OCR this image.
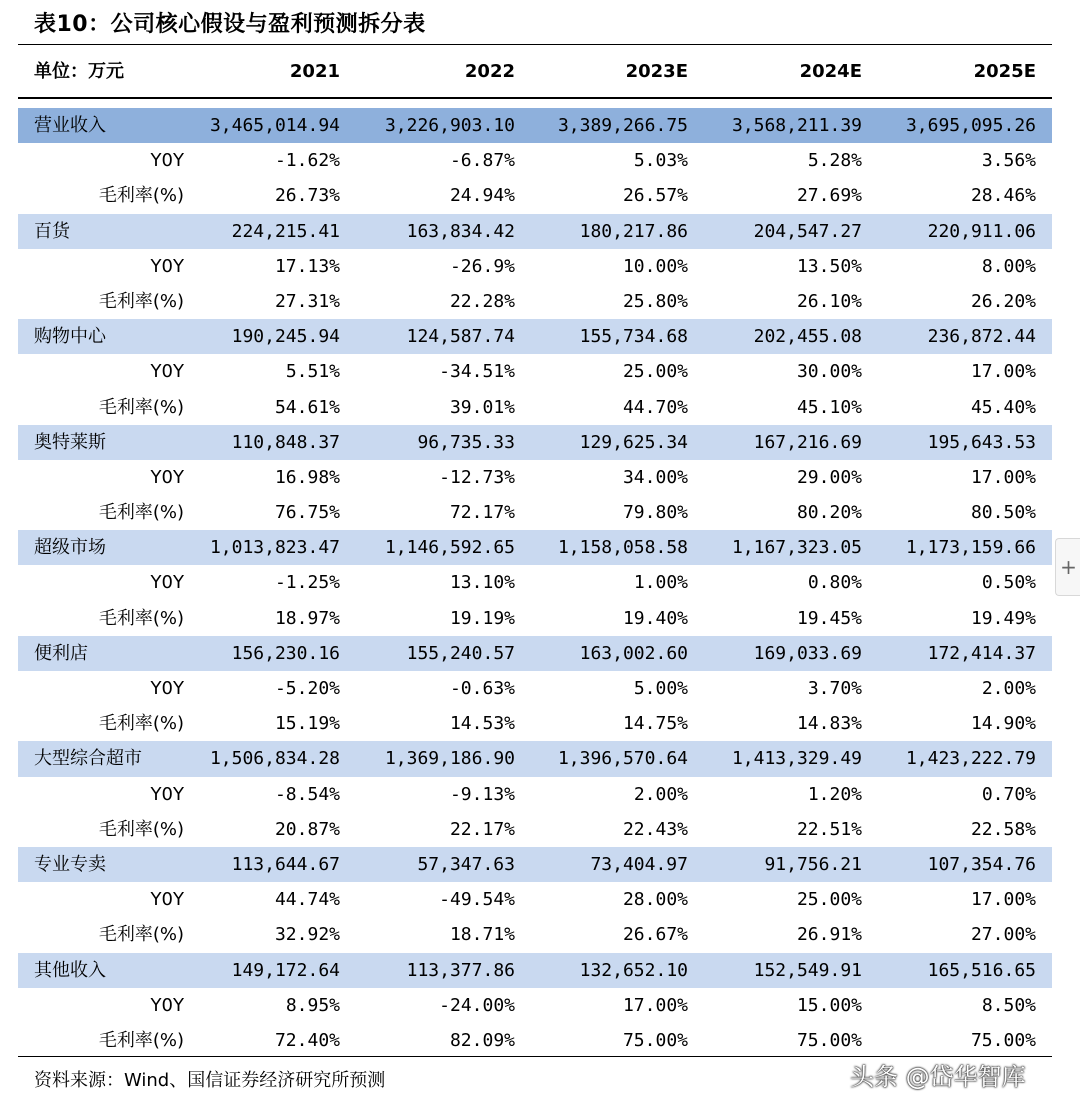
表10：公司核心假设与盈利预测拆分表
单位：万元	2021	2022	2023E	2024E	2025E
营业收入	3,465,014.94	3,226,903.10	3,389,266.75	3,568,211.39	3,695,095.26
Y0Y	-1.62%	-6.87%	5.03%	5.28%	3.56%
毛利率(%)	26.73%	24.94%	26.57%	27.69%	28.46%
百货	224,215.41	163,834.42	180,217.86	204,547.27	220,911.06
Y0Y	17.13%	-26.9%	10.00%	13.50%	8.00%
毛利率(%)	27.31%	22.28%	25.80%	26.10%	26.20%
购物中心	190,245.94	124,587.74	155,734.68	202,455.08	236,872.44
Y0Y	5.51%	-34.51%	25.00%	30.00%	17.00%
毛利率(%)	54.61%	39.01%	44.70%	45.10%	45.40%
奥特莱斯	110,848.37	96,735.33	129,625.34	167,216.69	195,643.53
Y0Y	16.98%	-12.73%	34.00%	29.00%	17.00%
毛利率(%)	76.75%	72.17%	79.80%	80.20%	80.50%
超级市场	1,013,823.47	1,146,592.65	1,158,058.58	1,167,323.05	1,173,159.66
Y0Y	-1.25%	13.10%	1.00%	0.80%	0.50%
毛利率(%)	18.97%	19.19%	19.40%	19.45%	19.49%
便利店	156,230.16	155,240.57	163,002.60	169,033.69	172,414.37
Y0Y	-5.20%	-0.63%	5.00%	3.70%	2.00%
毛利率(%)	15.19%	14.53%	14.75%	14.83%	14.90%
大型综合超市	1,506,834.28	1,369,186.90	1,396,570.64	1,413,329.49	1,423,222.79
Y0Y	-8.54%	-9.13%	2.00%	1.20%	0.70%
毛利率(%)	20.87%	22.17%	22.43%	22.51%	22.58%
专业专卖	113,644.67	57,347.63	73,404.97	91,756.21	107,354.76
Y0Y	44.74%	-49.54%	28.00%	25.00%	17.00%
毛利率(%)	32.92%	18.71%	26.67%	26.91%	27.00%
其他收入	149,172.64	113,377.86	132,652.10	152,549.91	165,516.65
Y0Y	8.95%	-24.00%	17.00%	15.00%	8.50%
毛利率(%)	72.40%	82.09%	75.00%	75.00%	75.00%
资料来源：Wind、国信证券经济研究所预测	头条 @岱华智库
+
